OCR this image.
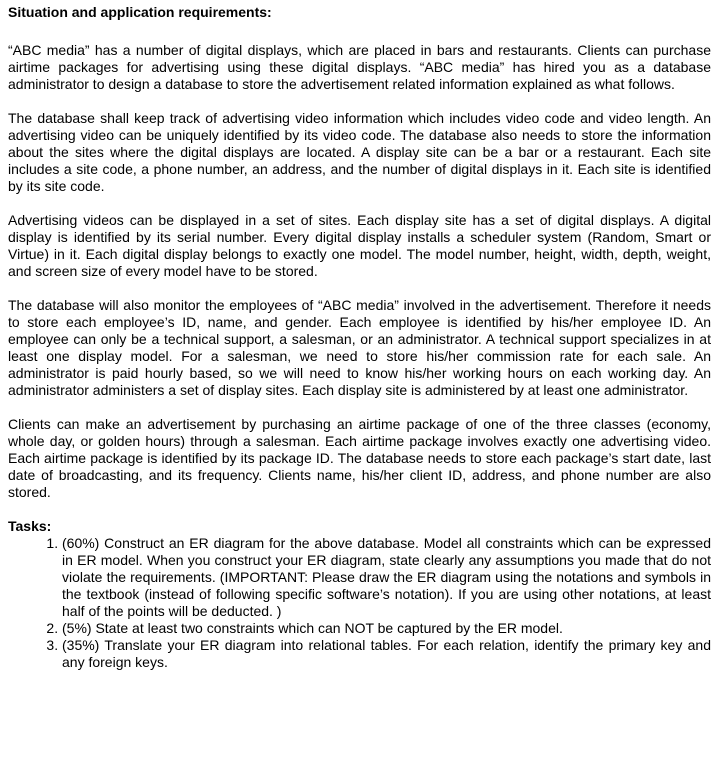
Situation and application requirements:
“ABC media” has a number of digital displays, which are placed in bars and restaurants. Clients can purchase airtime packages for advertising using these digital displays. “ABC media” has hired you as a database administrator to design a database to store the advertisement related information explained as what follows.
The database shall keep track of advertising video information which includes video code and video length. An advertising video can be uniquely identified by its video code. The database also needs to store the information about the sites where the digital displays are located. A display site can be a bar or a restaurant. Each site includes a site code, a phone number, an address, and the number of digital displays in it. Each site is identified by its site code.
Advertising videos can be displayed in a set of sites. Each display site has a set of digital displays. A digital display is identified by its serial number. Every digital display installs a scheduler system (Random, Smart or Virtue) in it. Each digital display belongs to exactly one model. The model number, height, width, depth, weight, and screen size of every model have to be stored.
The database will also monitor the employees of “ABC media” involved in the advertisement. Therefore it needs to store each employee’s ID, name, and gender. Each employee is identified by his/her employee ID. An employee can only be a technical support, a salesman, or an administrator. A technical support specializes in at least one display model. For a salesman, we need to store his/her commission rate for each sale. An administrator is paid hourly based, so we will need to know his/her working hours on each working day. An administrator administers a set of display sites. Each display site is administered by at least one administrator.
Clients can make an advertisement by purchasing an airtime package of one of the three classes (economy, whole day, or golden hours) through a salesman. Each airtime package involves exactly one advertising video. Each airtime package is identified by its package ID. The database needs to store each package’s start date, last date of broadcasting, and its frequency. Clients name, his/her client ID, address, and phone number are also stored.
Tasks:
1. (60%) Construct an ER diagram for the above database. Model all constraints which can be expressed in ER model. When you construct your ER diagram, state clearly any assumptions you made that do not violate the requirements. (IMPORTANT: Please draw the ER diagram using the notations and symbols in the textbook (instead of following specific software’s notation). If you are using other notations, at least half of the points will be deducted. )
2. (5%) State at least two constraints which can NOT be captured by the ER model.
3. (35%) Translate your ER diagram into relational tables. For each relation, identify the primary key and any foreign keys.
